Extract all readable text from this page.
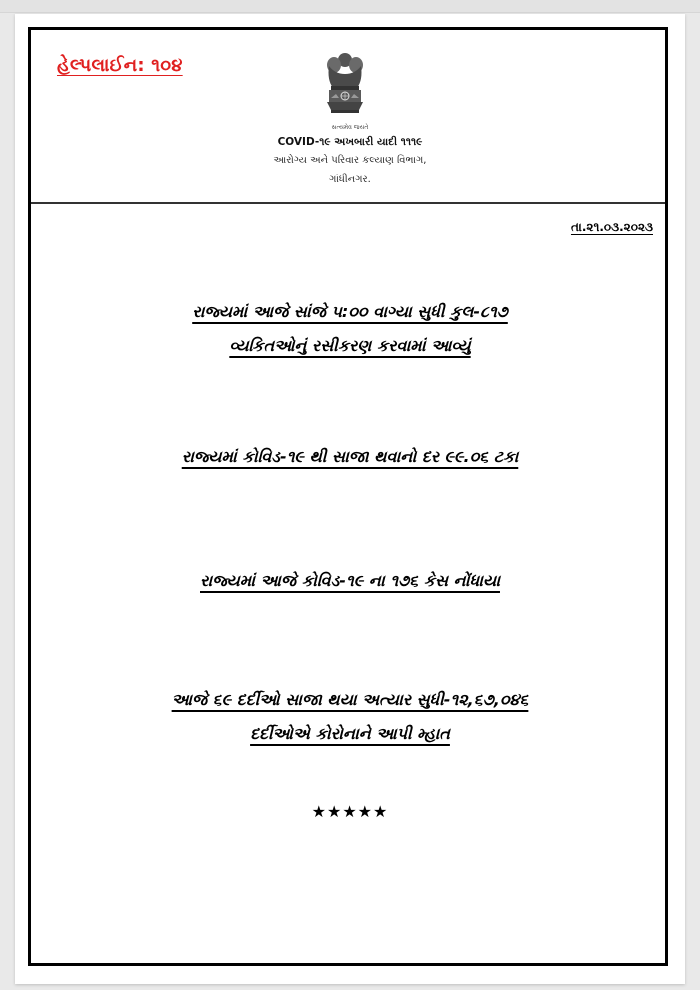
હેલ્પલાઈન: ૧૦૪
સત્યમેવ જયતે
COVID-૧૯ અખબારી યાદી ૧૧૧૯
આરોગ્ય અને પરિવાર કલ્યાણ વિભાગ,
ગાંધીનગર.
તા.૨૧.૦૩.૨૦૨૩
રાજ્યમાં આજે સાંજે ૫:૦૦ વાગ્યા સુધી કુલ-૮૧૭
વ્યકિતઓનું રસીકરણ કરવામાં આવ્યું
રાજ્યમાં કોવિડ-૧૯ થી સાજા થવાનો દર ૯૯.૦૬ ટકા
રાજ્યમાં આજે કોવિડ-૧૯ ના ૧૭૬ કેસ નોંધાયા
આજે ૬૯ દર્દીઓ સાજા થયા અત્યાર સુધી-૧૨,૬૭,૦૪૬
દર્દીઓએ કોરોનાને આપી મ્હાત
★★★★★
